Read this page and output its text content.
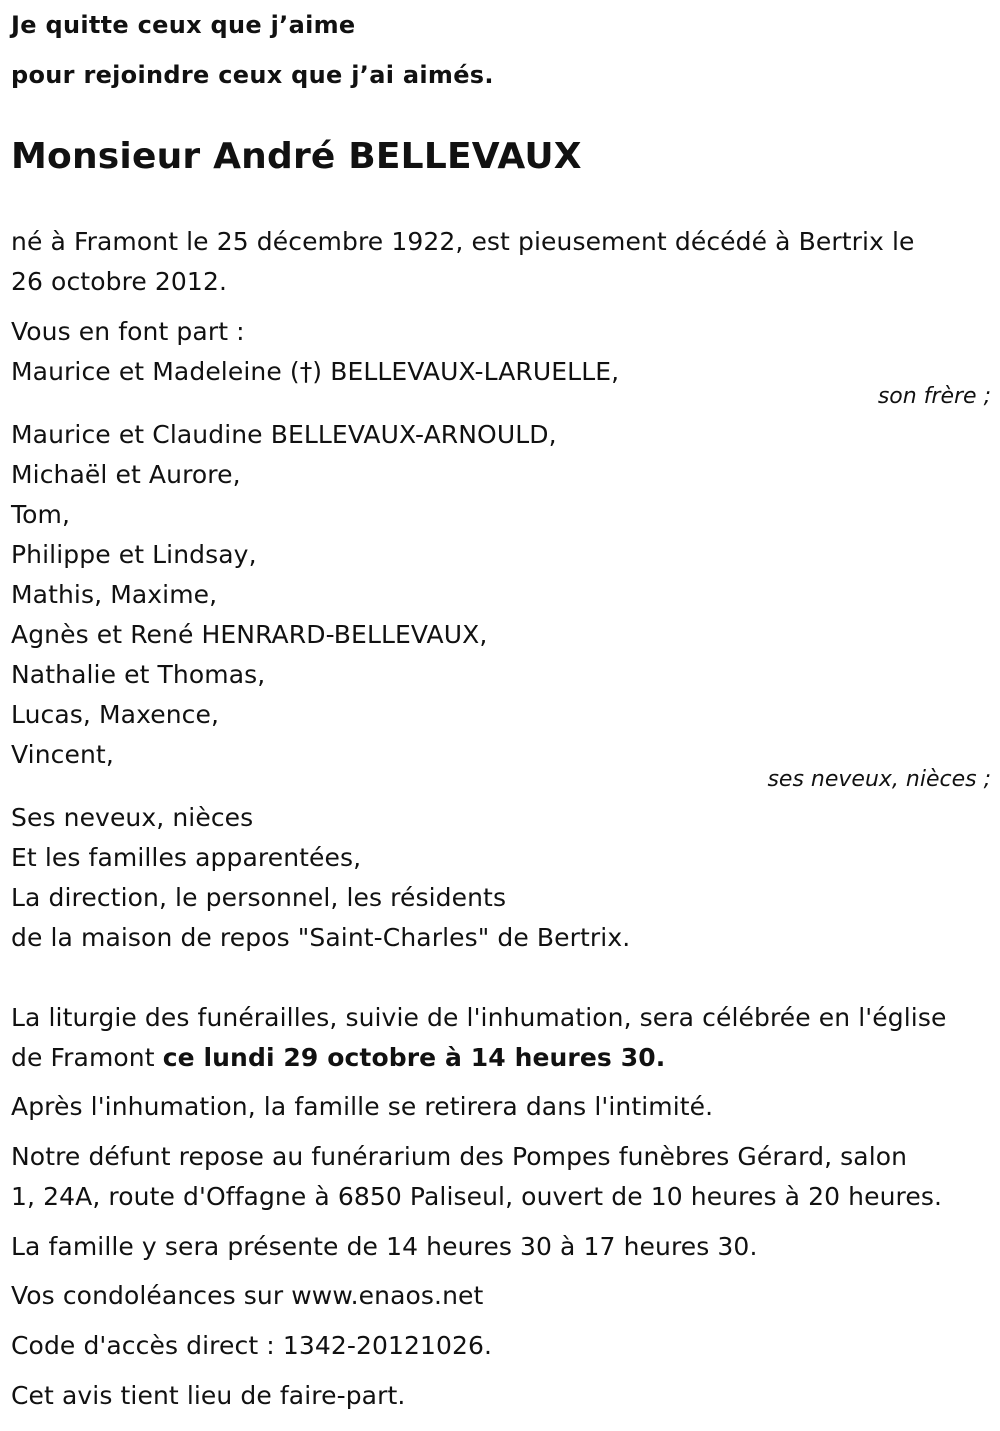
Je quitte ceux que j’aime
pour rejoindre ceux que j’ai aimés.
Monsieur André BELLEVAUX
né à Framont le 25 décembre 1922, est pieusement décédé à Bertrix le
26 octobre 2012.
Vous en font part :
Maurice et Madeleine (†) BELLEVAUX-LARUELLE,
son frère ;
Maurice et Claudine BELLEVAUX-ARNOULD,
Michaël et Aurore,
Tom,
Philippe et Lindsay,
Mathis, Maxime,
Agnès et René HENRARD-BELLEVAUX,
Nathalie et Thomas,
Lucas, Maxence,
Vincent,
ses neveux, nièces ;
Ses neveux, nièces
Et les familles apparentées,
La direction, le personnel, les résidents
de la maison de repos "Saint-Charles" de Bertrix.
La liturgie des funérailles, suivie de l'inhumation, sera célébrée en l'église
de Framont ce lundi 29 octobre à 14 heures 30.
Après l'inhumation, la famille se retirera dans l'intimité.
Notre défunt repose au funérarium des Pompes funèbres Gérard, salon
1, 24A, route d'Offagne à 6850 Paliseul, ouvert de 10 heures à 20 heures.
La famille y sera présente de 14 heures 30 à 17 heures 30.
Vos condoléances sur www.enaos.net
Code d'accès direct : 1342-20121026.
Cet avis tient lieu de faire-part.
